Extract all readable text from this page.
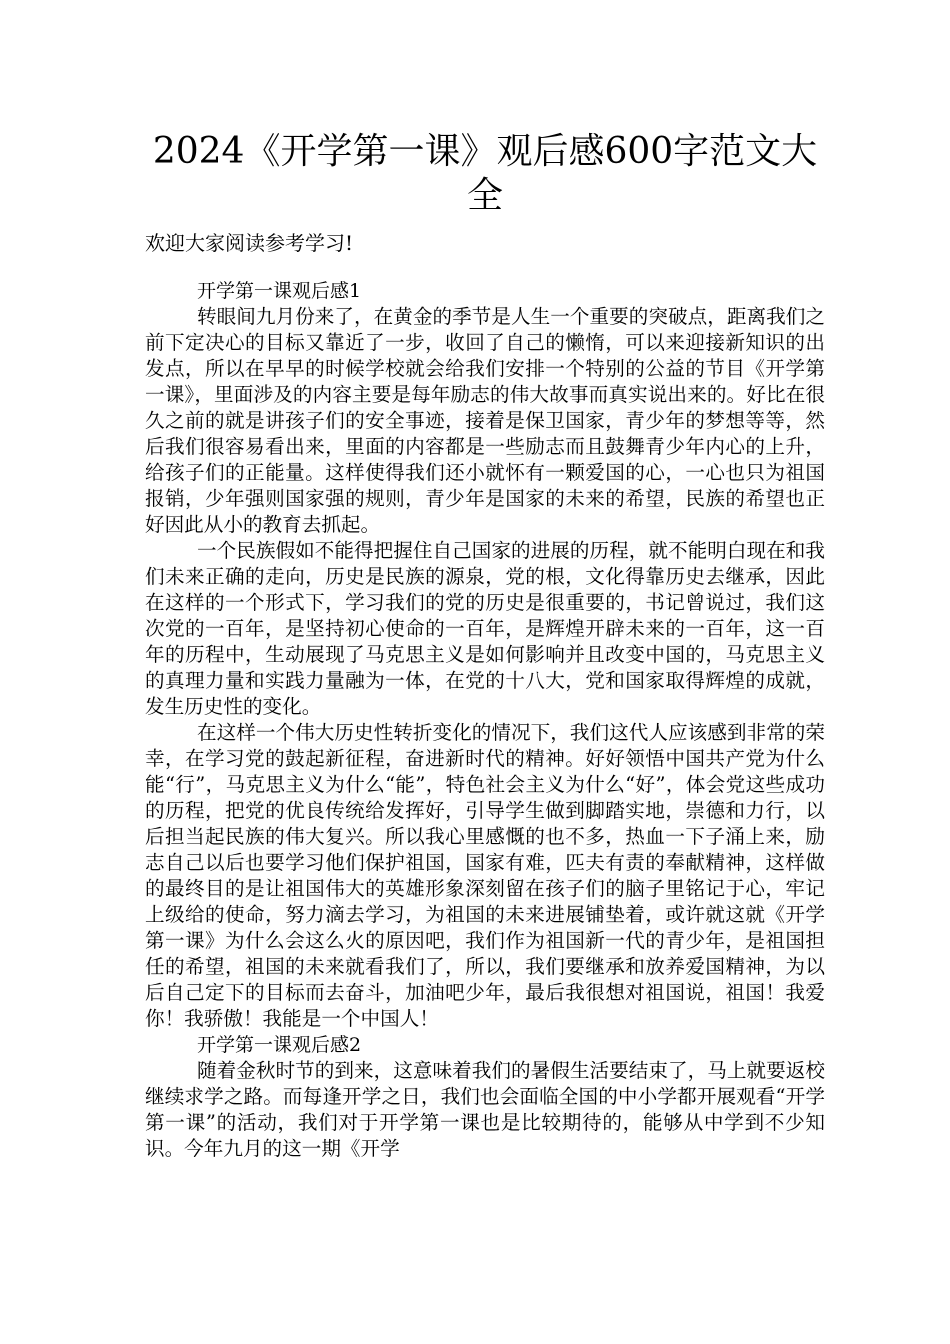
2024《开学第一课》观后感600字范文大全

欢迎大家阅读参考学习!

开学第一课观后感1

转眼间九月份来了，在黄金的季节是人生一个重要的突破点，距离我们之前下定决心的目标又靠近了一步，收回了自己的懒惰，可以来迎接新知识的出发点，所以在早早的时候学校就会给我们安排一个特别的公益的节目《开学第一课》，里面涉及的内容主要是每年励志的伟大故事而真实说出来的。好比在很久之前的就是讲孩子们的安全事迹，接着是保卫国家，青少年的梦想等等，然后我们很容易看出来，里面的内容都是一些励志而且鼓舞青少年内心的上升，给孩子们的正能量。这样使得我们还小就怀有一颗爱国的心，一心也只为祖国报销，少年强则国家强的规则，青少年是国家的未来的希望，民族的希望也正好因此从小的教育去抓起。

一个民族假如不能得把握住自己国家的进展的历程，就不能明白现在和我们未来正确的走向，历史是民族的源泉，党的根，文化得靠历史去继承，因此在这样的一个形式下，学习我们的党的历史是很重要的，书记曾说过，我们这次党的一百年，是坚持初心使命的一百年，是辉煌开辟未来的一百年，这一百年的历程中，生动展现了马克思主义是如何影响并且改变中国的，马克思主义的真理力量和实践力量融为一体，在党的十八大，党和国家取得辉煌的成就，发生历史性的变化。

在这样一个伟大历史性转折变化的情况下，我们这代人应该感到非常的荣幸，在学习党的鼓起新征程，奋进新时代的精神。好好领悟中国共产党为什么能“行”，马克思主义为什么“能”，特色社会主义为什么“好”，体会党这些成功的历程，把党的优良传统给发挥好，引导学生做到脚踏实地，崇德和力行，以后担当起民族的伟大复兴。所以我心里感慨的也不多，热血一下子涌上来，励志自己以后也要学习他们保护祖国，国家有难，匹夫有责的奉献精神，这样做的最终目的是让祖国伟大的英雄形象深刻留在孩子们的脑子里铭记于心，牢记上级给的使命，努力滴去学习，为祖国的未来进展铺垫着，或许就这就《开学第一课》为什么会这么火的原因吧，我们作为祖国新一代的青少年，是祖国担任的希望，祖国的未来就看我们了，所以，我们要继承和放养爱国精神，为以后自己定下的目标而去奋斗，加油吧少年，最后我很想对祖国说，祖国！我爱你！我骄傲！我能是一个中国人！

开学第一课观后感2

随着金秋时节的到来，这意味着我们的暑假生活要结束了，马上就要返校继续求学之路。而每逢开学之日，我们也会面临全国的中小学都开展观看“开学第一课”的活动，我们对于开学第一课也是比较期待的，能够从中学到不少知识。今年九月的这一期《开学
